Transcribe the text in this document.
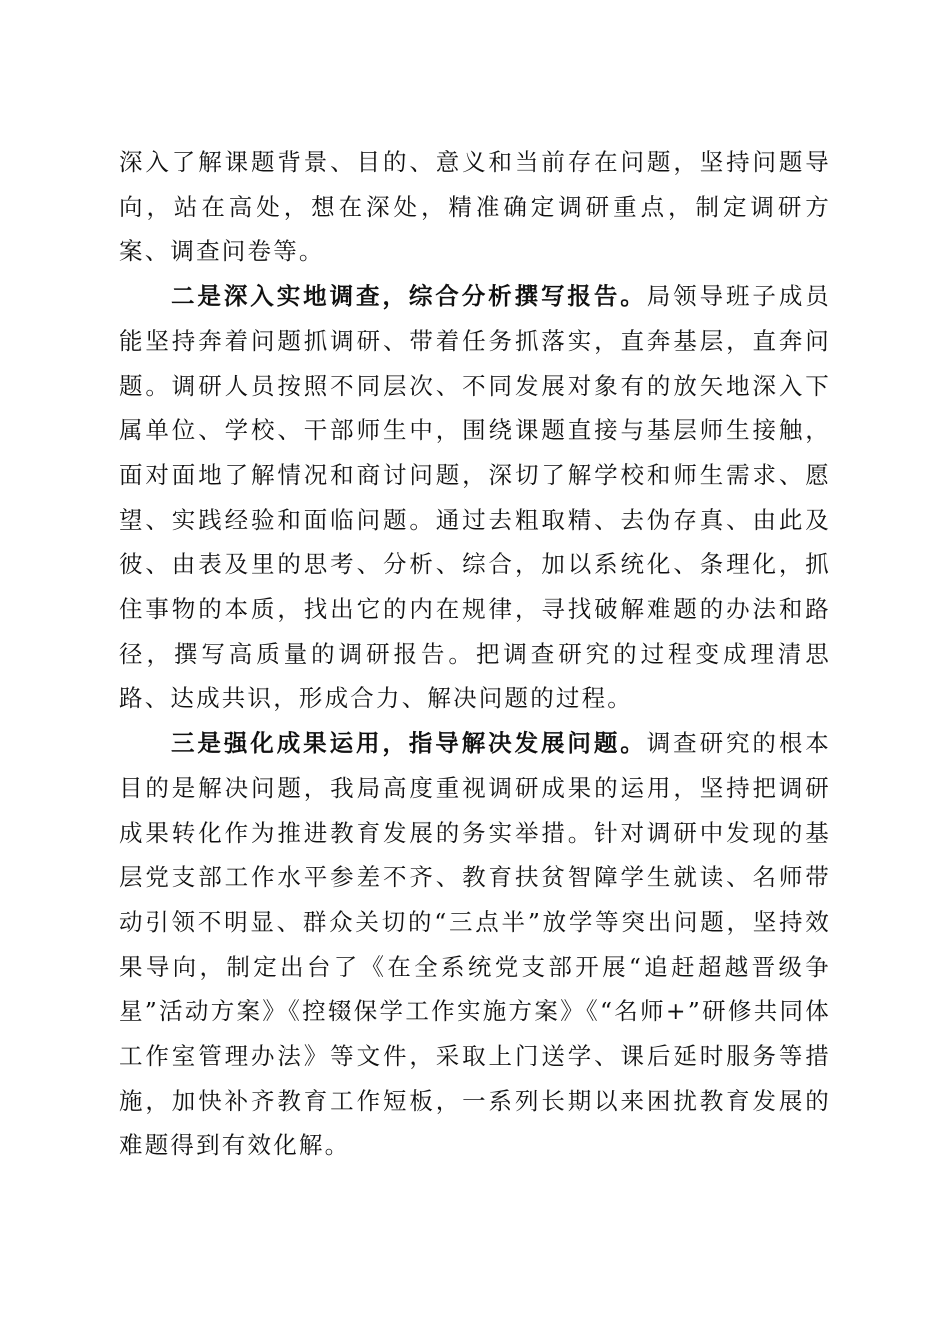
深入了解课题背景、目的、意义和当前存在问题，坚持问题导向，站在高处，想在深处，精准确定调研重点，制定调研方案、调查问卷等。

二是深入实地调查，综合分析撰写报告。局领导班子成员能坚持奔着问题抓调研、带着任务抓落实，直奔基层，直奔问题。调研人员按照不同层次、不同发展对象有的放矢地深入下属单位、学校、干部师生中，围绕课题直接与基层师生接触，面对面地了解情况和商讨问题，深切了解学校和师生需求、愿望、实践经验和面临问题。通过去粗取精、去伪存真、由此及彼、由表及里的思考、分析、综合，加以系统化、条理化，抓住事物的本质，找出它的内在规律，寻找破解难题的办法和路径，撰写高质量的调研报告。把调查研究的过程变成理清思路、达成共识，形成合力、解决问题的过程。

三是强化成果运用，指导解决发展问题。调查研究的根本目的是解决问题，我局高度重视调研成果的运用，坚持把调研成果转化作为推进教育发展的务实举措。针对调研中发现的基层党支部工作水平参差不齐、教育扶贫智障学生就读、名师带动引领不明显、群众关切的“三点半”放学等突出问题，坚持效果导向，制定出台了《在全系统党支部开展“追赶超越晋级争星”活动方案》《控辍保学工作实施方案》《“名师+”研修共同体工作室管理办法》等文件，采取上门送学、课后延时服务等措施，加快补齐教育工作短板，一系列长期以来困扰教育发展的难题得到有效化解。
